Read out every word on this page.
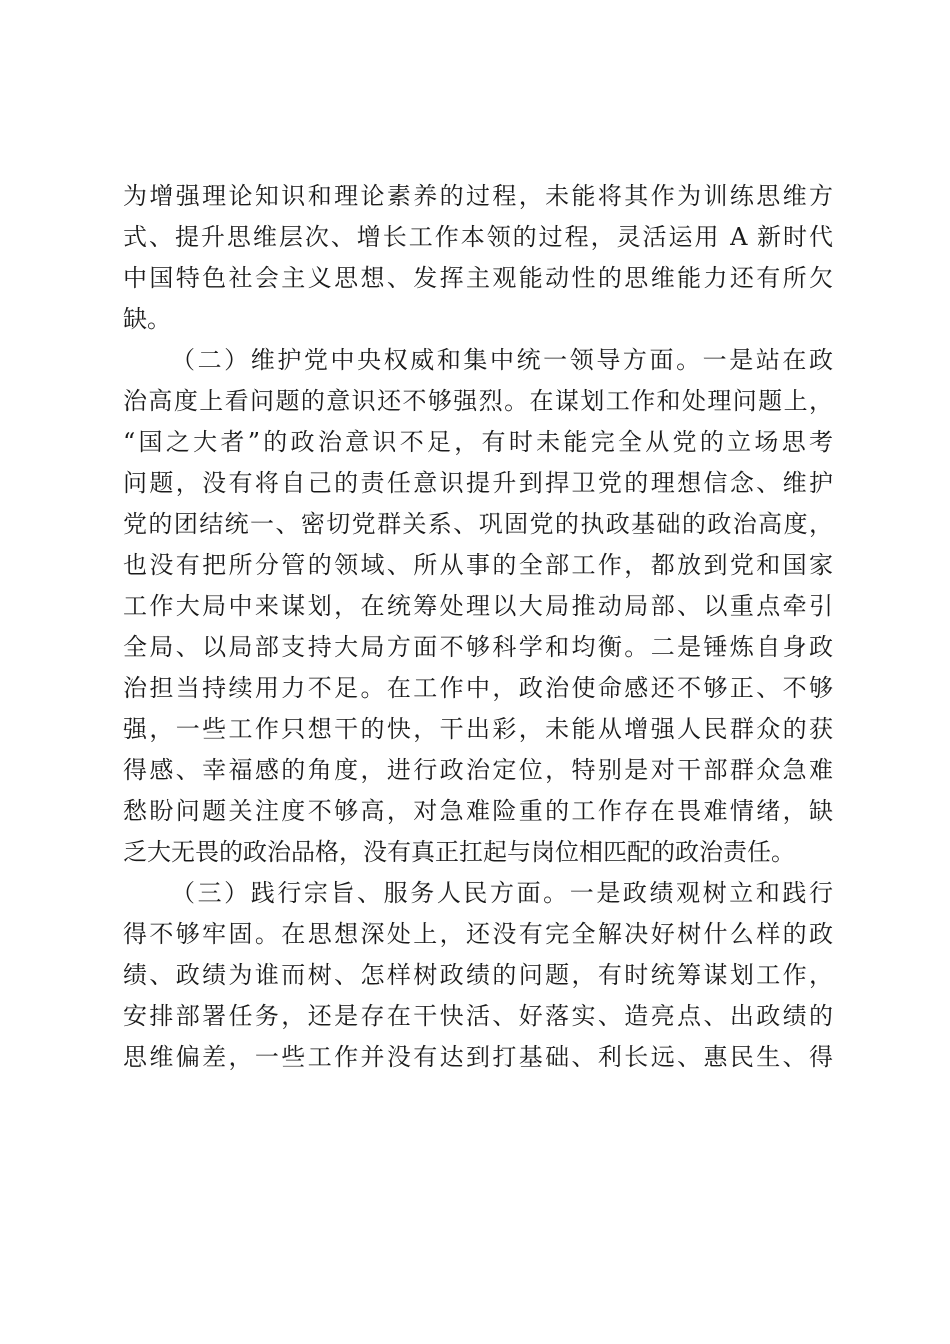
为增强理论知识和理论素养的过程，未能将其作为训练思维方
式、提升思维层次、增长工作本领的过程，灵活运用 A 新时代
中国特色社会主义思想、发挥主观能动性的思维能力还有所欠
缺。
（二）维护党中央权威和集中统一领导方面。一是站在政
治高度上看问题的意识还不够强烈。在谋划工作和处理问题上，
“国之大者”的政治意识不足，有时未能完全从党的立场思考
问题，没有将自己的责任意识提升到捍卫党的理想信念、维护
党的团结统一、密切党群关系、巩固党的执政基础的政治高度，
也没有把所分管的领域、所从事的全部工作，都放到党和国家
工作大局中来谋划，在统筹处理以大局推动局部、以重点牵引
全局、以局部支持大局方面不够科学和均衡。二是锤炼自身政
治担当持续用力不足。在工作中，政治使命感还不够正、不够
强，一些工作只想干的快，干出彩，未能从增强人民群众的获
得感、幸福感的角度，进行政治定位，特别是对干部群众急难
愁盼问题关注度不够高，对急难险重的工作存在畏难情绪，缺
乏大无畏的政治品格，没有真正扛起与岗位相匹配的政治责任。
（三）践行宗旨、服务人民方面。一是政绩观树立和践行
得不够牢固。在思想深处上，还没有完全解决好树什么样的政
绩、政绩为谁而树、怎样树政绩的问题，有时统筹谋划工作，
安排部署任务，还是存在干快活、好落实、造亮点、出政绩的
思维偏差，一些工作并没有达到打基础、利长远、惠民生、得
